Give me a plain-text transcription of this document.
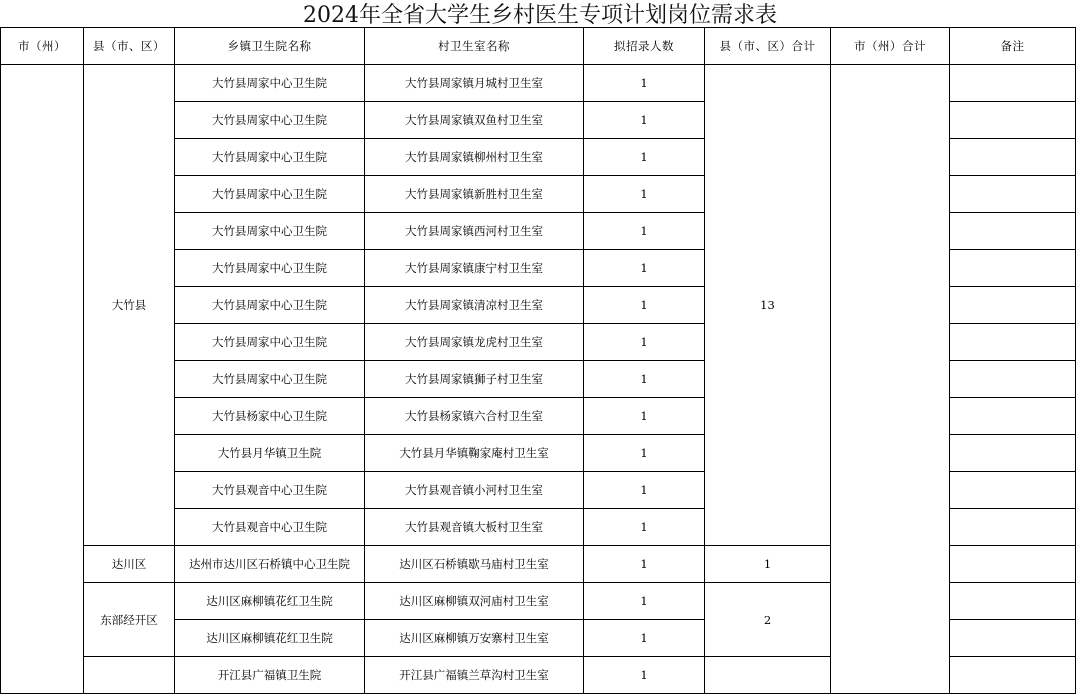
2024年全省大学生乡村医生专项计划岗位需求表
市（州）	县（市、区）	乡镇卫生院名称	村卫生室名称	拟招录人数	县（市、区）合计	市（州）合计	备注
	大竹县	大竹县周家中心卫生院	大竹县周家镇月城村卫生室	1	13		
		大竹县周家中心卫生院	大竹县周家镇双鱼村卫生室	1			
		大竹县周家中心卫生院	大竹县周家镇柳州村卫生室	1			
		大竹县周家中心卫生院	大竹县周家镇新胜村卫生室	1			
		大竹县周家中心卫生院	大竹县周家镇西河村卫生室	1			
		大竹县周家中心卫生院	大竹县周家镇康宁村卫生室	1			
		大竹县周家中心卫生院	大竹县周家镇清凉村卫生室	1			
		大竹县周家中心卫生院	大竹县周家镇龙虎村卫生室	1			
		大竹县周家中心卫生院	大竹县周家镇狮子村卫生室	1			
		大竹县杨家中心卫生院	大竹县杨家镇六合村卫生室	1			
		大竹县月华镇卫生院	大竹县月华镇鞠家庵村卫生室	1			
		大竹县观音中心卫生院	大竹县观音镇小河村卫生室	1			
		大竹县观音中心卫生院	大竹县观音镇大板村卫生室	1			
	达川区	达州市达川区石桥镇中心卫生院	达川区石桥镇歇马庙村卫生室	1	1		
	东部经开区	达川区麻柳镇花红卫生院	达川区麻柳镇双河庙村卫生室	1	2		
		达川区麻柳镇花红卫生院	达川区麻柳镇万安寨村卫生室	1			
		开江县广福镇卫生院	开江县广福镇兰草沟村卫生室	1			
